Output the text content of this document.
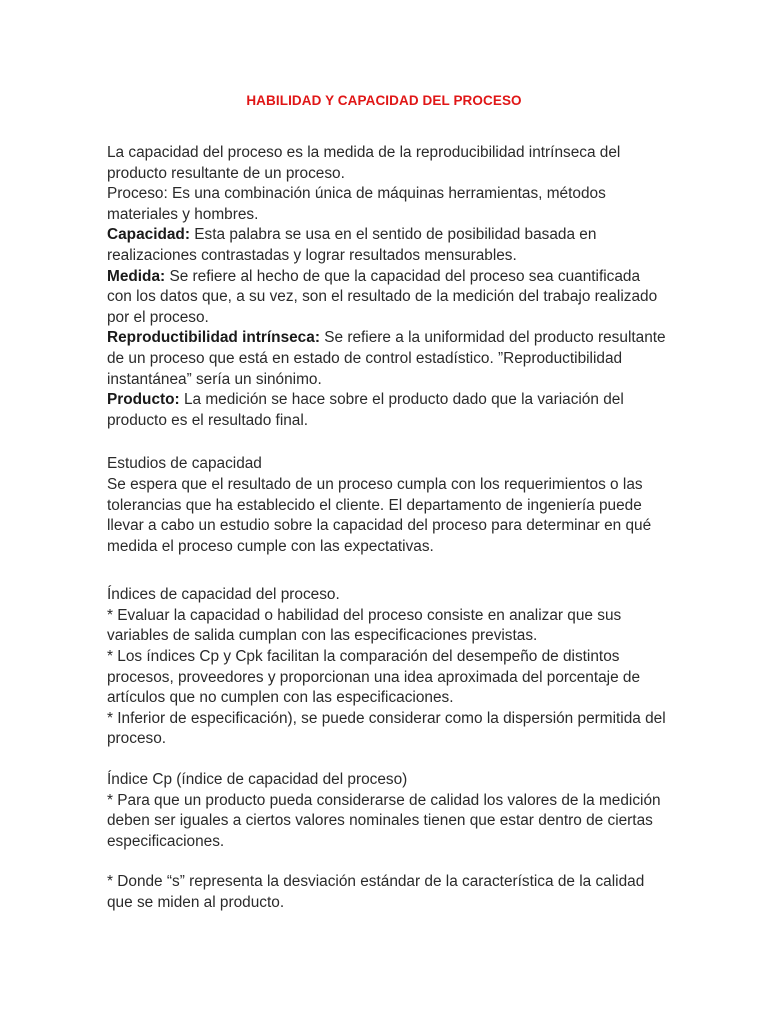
HABILIDAD Y CAPACIDAD DEL PROCESO

La capacidad del proceso es la medida de la reproducibilidad intrínseca del producto resultante de un proceso.

Proceso: Es una combinación única de máquinas herramientas, métodos materiales y hombres.

Capacidad: Esta palabra se usa en el sentido de posibilidad basada en realizaciones contrastadas y lograr resultados mensurables.

Medida: Se refiere al hecho de que la capacidad del proceso sea cuantificada con los datos que, a su vez, son el resultado de la medición del trabajo realizado por el proceso.

Reproductibilidad intrínseca: Se refiere a la uniformidad del producto resultante de un proceso que está en estado de control estadístico. ”Reproductibilidad instantánea” sería un sinónimo.

Producto: La medición se hace sobre el producto dado que la variación del producto es el resultado final.

Estudios de capacidad

Se espera que el resultado de un proceso cumpla con los requerimientos o las tolerancias que ha establecido el cliente. El departamento de ingeniería puede llevar a cabo un estudio sobre la capacidad del proceso para determinar en qué medida el proceso cumple con las expectativas.

Índices de capacidad del proceso.

* Evaluar la capacidad o habilidad del proceso consiste en analizar que sus variables de salida cumplan con las especificaciones previstas.

* Los índices Cp y Cpk facilitan la comparación del desempeño de distintos procesos, proveedores y proporcionan una idea aproximada del porcentaje de artículos que no cumplen con las especificaciones.

* Inferior de especificación), se puede considerar como la dispersión permitida del proceso.

Índice Cp (índice de capacidad del proceso)

* Para que un producto pueda considerarse de calidad los valores de la medición deben ser iguales a ciertos valores nominales tienen que estar dentro de ciertas especificaciones.

* Donde “s” representa la desviación estándar de la característica de la calidad que se miden al producto.
